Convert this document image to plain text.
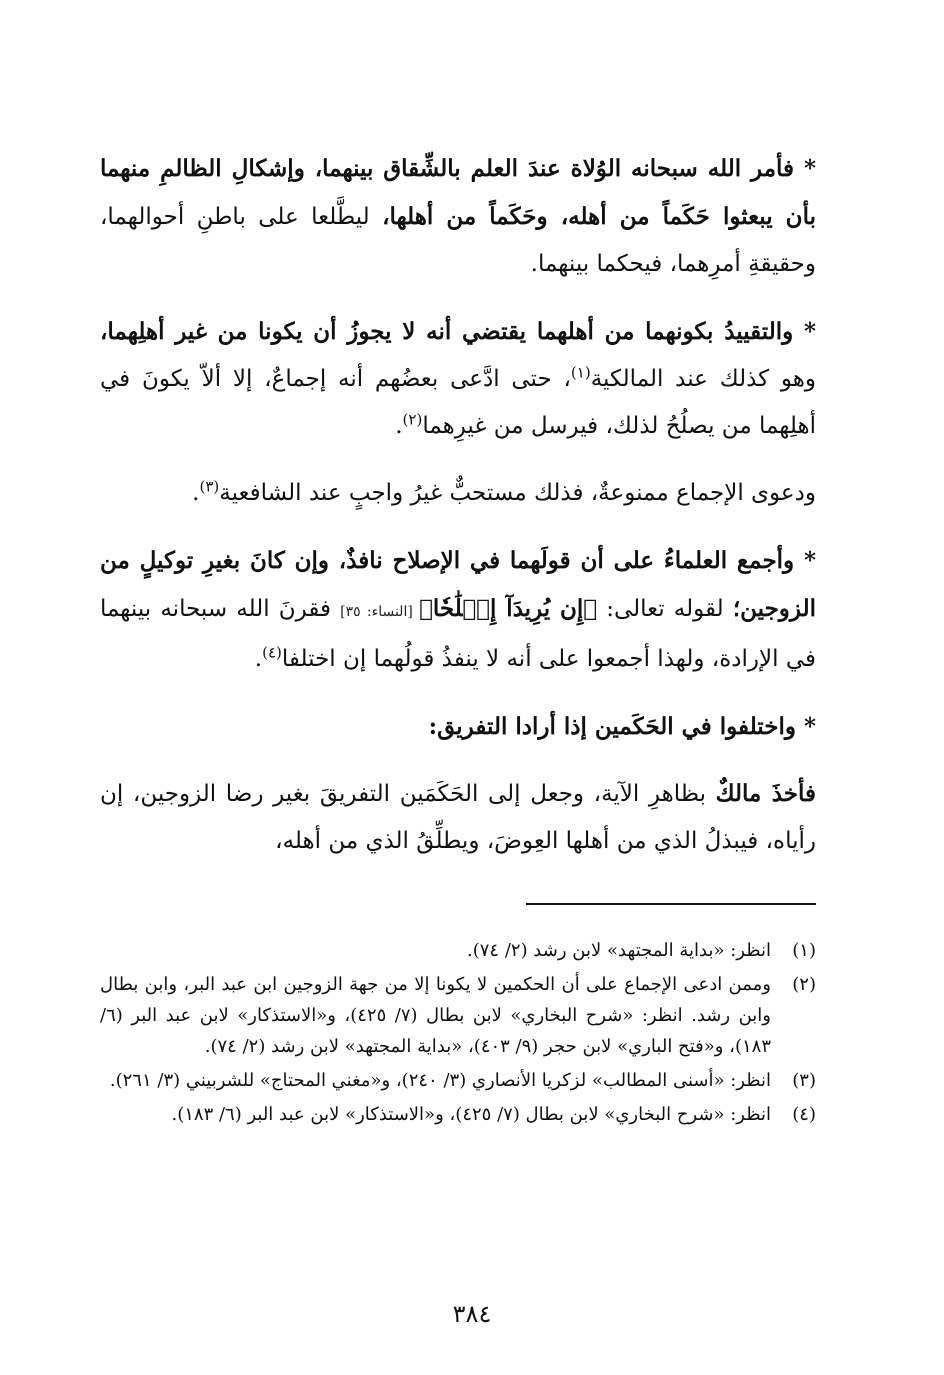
* فأمر الله سبحانه الوُلاة عندَ العلم بالشِّقاق بينهما، وإشكالِ الظالمِ منهما بأن يبعثوا حَكَماً من أهله، وحَكَماً من أهلها، ليطَّلعا على باطنِ أحوالهما، وحقيقةِ أمرِهما، فيحكما بينهما.

* والتقييدُ بكونهما من أهلهما يقتضي أنه لا يجوزُ أن يكونا من غير أهلِهما، وهو كذلك عند المالكية$^{(١)}$، حتى ادَّعى بعضُهم أنه إجماعٌ، إلا ألاّ يكونَ في أهلِهما من يصلُحُ لذلك، فيرسل من غيرِهما$^{(٢)}$.

ودعوى الإجماع ممنوعةٌ، فذلك مستحبٌّ غيرُ واجبٍ عند الشافعية$^{(٣)}$.

* وأجمع العلماءُ على أن قولَهما في الإصلاح نافذٌ، وإن كانَ بغيرِ توكيلٍ من الزوجين؛ لقوله تعالى: ﴿إِن يُرِيدَآ إِصۡلَٰحٗا﴾ [النساء: ٣٥] فقرنَ الله سبحانه بينهما في الإرادة، ولهذا أجمعوا على أنه لا ينفذُ قولُهما إن اختلفا$^{(٤)}$.

* واختلفوا في الحَكَمين إذا أرادا التفريق:

فأخذَ مالكٌ بظاهرِ الآية، وجعل إلى الحَكَمَين التفريقَ بغير رضا الزوجين، إن رأياه، فيبذلُ الذي من أهلها العِوضَ، ويطلِّقُ الذي من أهله،

(١)
انظر: «بداية المجتهد» لابن رشد (٢/ ٧٤).
(٢)
وممن ادعى الإجماع على أن الحكمين لا يكونا إلا من جهة الزوجين ابن عبد البر، وابن بطال وابن رشد. انظر: «شرح البخاري» لابن بطال (٧/ ٤٢٥)، و«الاستذكار» لابن عبد البر (٦/ ١٨٣)، و«فتح الباري» لابن حجر (٩/ ٤٠٣)، «بداية المجتهد» لابن رشد (٢/ ٧٤).
(٣)
انظر: «أسنى المطالب» لزكريا الأنصاري (٣/ ٢٤٠)، و«مغني المحتاج» للشربيني (٣/ ٢٦١).
(٤)
انظر: «شرح البخاري» لابن بطال (٧/ ٤٢٥)، و«الاستذكار» لابن عبد البر (٦/ ١٨٣).
٣٨٤
